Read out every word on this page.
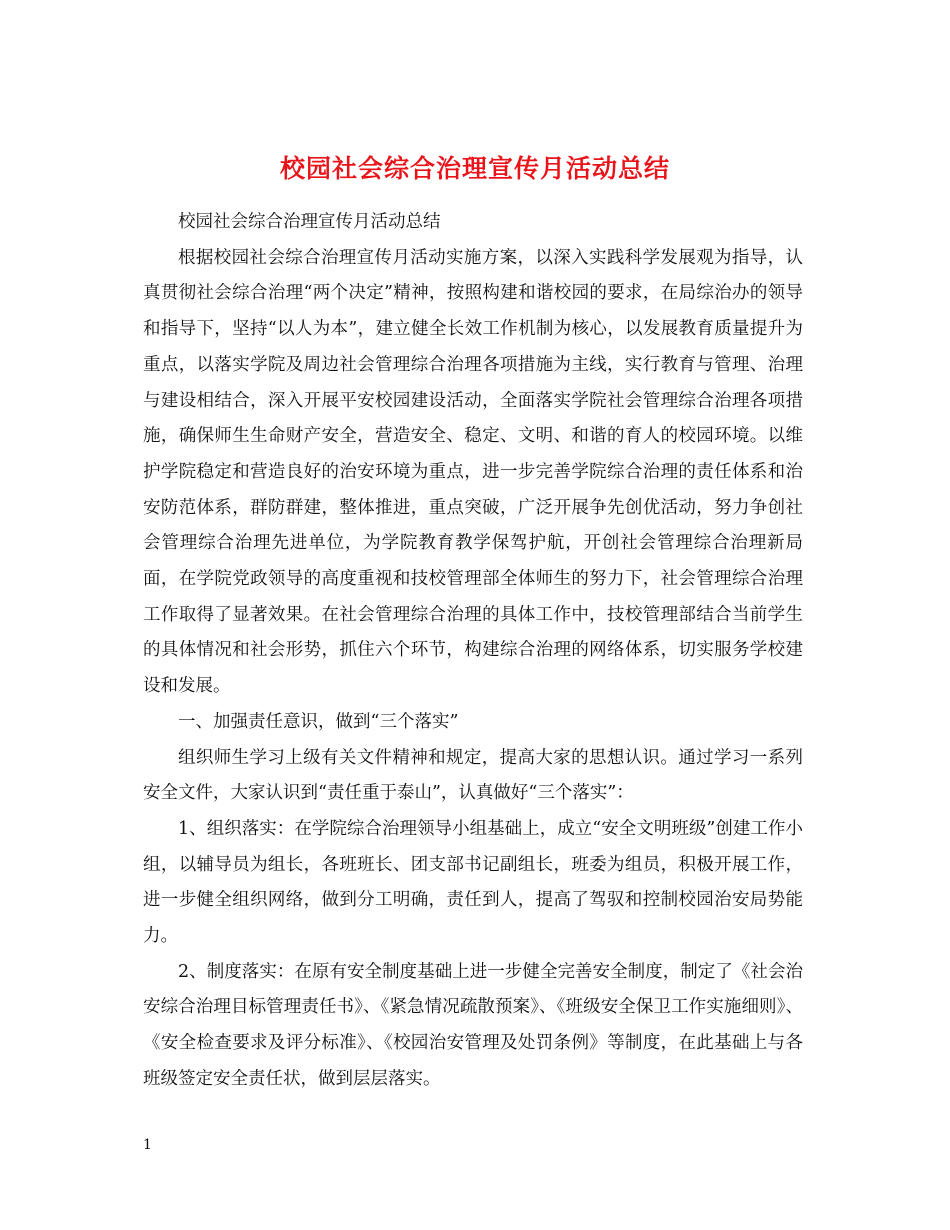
校园社会综合治理宣传月活动总结

校园社会综合治理宣传月活动总结

根据校园社会综合治理宣传月活动实施方案，以深入实践科学发展观为指导，认真贯彻社会综合治理“两个决定”精神，按照构建和谐校园的要求，在局综治办的领导和指导下，坚持“以人为本”，建立健全长效工作机制为核心，以发展教育质量提升为重点，以落实学院及周边社会管理综合治理各项措施为主线，实行教育与管理、治理与建设相结合，深入开展平安校园建设活动，全面落实学院社会管理综合治理各项措施，确保师生生命财产安全，营造安全、稳定、文明、和谐的育人的校园环境。以维护学院稳定和营造良好的治安环境为重点，进一步完善学院综合治理的责任体系和治安防范体系，群防群建，整体推进，重点突破，广泛开展争先创优活动，努力争创社会管理综合治理先进单位，为学院教育教学保驾护航，开创社会管理综合治理新局面，在学院党政领导的高度重视和技校管理部全体师生的努力下，社会管理综合治理工作取得了显著效果。在社会管理综合治理的具体工作中，技校管理部结合当前学生的具体情况和社会形势，抓住六个环节，构建综合治理的网络体系，切实服务学校建设和发展。

一、加强责任意识，做到“三个落实”

组织师生学习上级有关文件精神和规定，提高大家的思想认识。通过学习一系列安全文件，大家认识到“责任重于泰山”，认真做好“三个落实”：

1、组织落实：在学院综合治理领导小组基础上，成立“安全文明班级”创建工作小组，以辅导员为组长，各班班长、团支部书记副组长，班委为组员，积极开展工作，进一步健全组织网络，做到分工明确，责任到人，提高了驾驭和控制校园治安局势能力。

2、制度落实：在原有安全制度基础上进一步健全完善安全制度，制定了《社会治安综合治理目标管理责任书》、《紧急情况疏散预案》、《班级安全保卫工作实施细则》、《安全检查要求及评分标准》、《校园治安管理及处罚条例》等制度，在此基础上与各班级签定安全责任状，做到层层落实。

1
